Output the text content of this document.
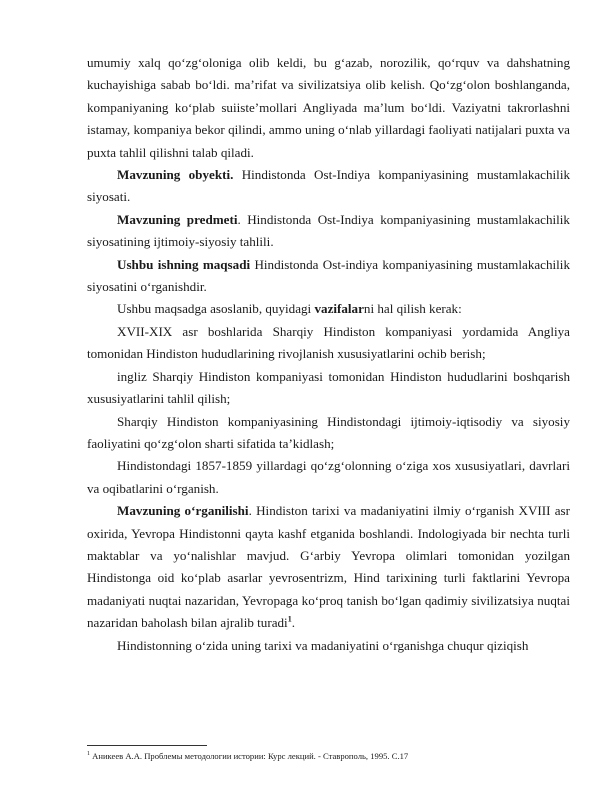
umumiy xalq qo‘zg‘oloniga olib keldi, bu g‘azab, norozilik, qo‘rquv va dahshatning kuchayishiga sabab bo‘ldi. ma’rifat va sivilizatsiya olib kelish. Qo‘zg‘olon boshlanganda, kompaniyaning ko‘plab suiiste’mollari Angliyada ma’lum bo‘ldi. Vaziyatni takrorlashni istamay, kompaniya bekor qilindi, ammo uning o‘nlab yillardagi faoliyati natijalari puxta va puxta tahlil qilishni talab qiladi.

Mavzuning obyekti. Hindistonda Ost-Indiya kompaniyasining mustamlakachilik siyosati.

Mavzuning predmeti. Hindistonda Ost-Indiya kompaniyasining mustamlakachilik siyosatining ijtimoiy-siyosiy tahlili.

Ushbu ishning maqsadi Hindistonda Ost-indiya kompaniyasining mustamlakachilik siyosatini o‘rganishdir.

Ushbu maqsadga asoslanib, quyidagi vazifalarni hal qilish kerak:

XVII-XIX asr boshlarida Sharqiy Hindiston kompaniyasi yordamida Angliya tomonidan Hindiston hududlarining rivojlanish xususiyatlarini ochib berish;

ingliz Sharqiy Hindiston kompaniyasi tomonidan Hindiston hududlarini boshqarish xususiyatlarini tahlil qilish;

Sharqiy Hindiston kompaniyasining Hindistondagi ijtimoiy-iqtisodiy va siyosiy faoliyatini qo‘zg‘olon sharti sifatida ta’kidlash;

Hindistondagi 1857-1859 yillardagi qo‘zg‘olonning o‘ziga xos xususiyatlari, davrlari va oqibatlarini o‘rganish.

Mavzuning o‘rganilishi. Hindiston tarixi va madaniyatini ilmiy o‘rganish XVIII asr oxirida, Yevropa Hindistonni qayta kashf etganida boshlandi. Indologiyada bir nechta turli maktablar va yo‘nalishlar mavjud. G‘arbiy Yevropa olimlari tomonidan yozilgan Hindistonga oid ko‘plab asarlar yevrosentrizm, Hind tarixining turli faktlarini Yevropa madaniyati nuqtai nazaridan, Yevropaga ko‘proq tanish bo‘lgan qadimiy sivilizatsiya nuqtai nazaridan baholash bilan ajralib turadi$^1$.

Hindistonning o‘zida uning tarixi va madaniyatini o‘rganishga chuqur qiziqish

$^1$ Аникеев А.А. Проблемы методологии истории: Курс лекций. - Ставрополь, 1995. С.17
